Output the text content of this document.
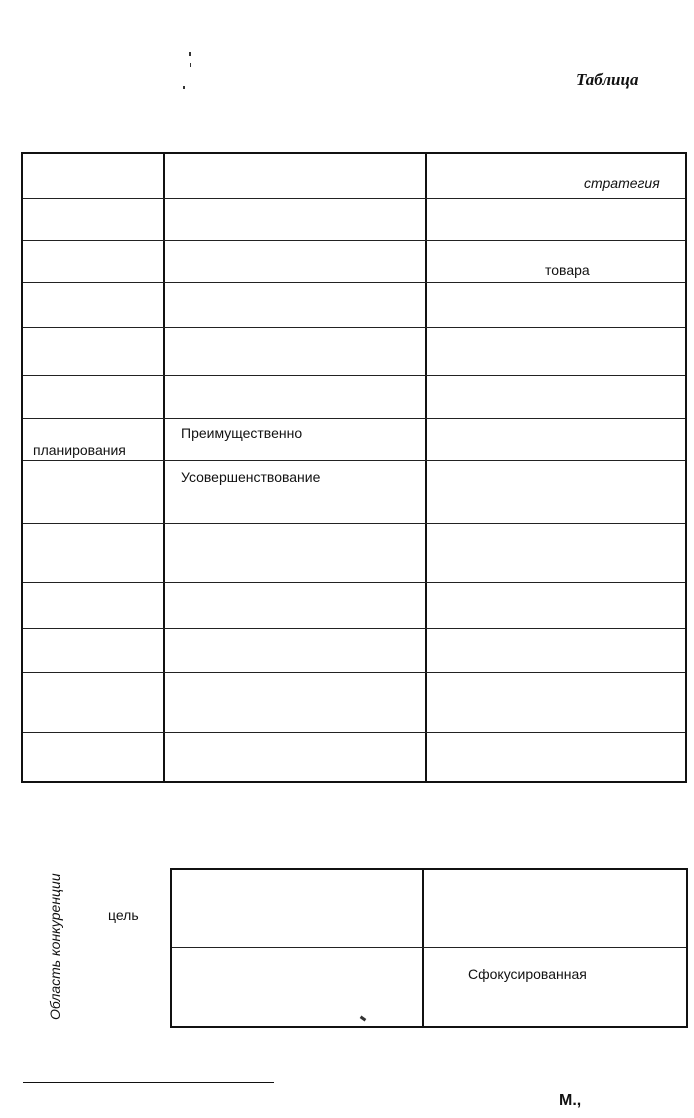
Таблица
стратегия
товара
планирования
Преимущественно
Усовершенствование
Область конкуренции	цель
Сфокусированная
М.,
